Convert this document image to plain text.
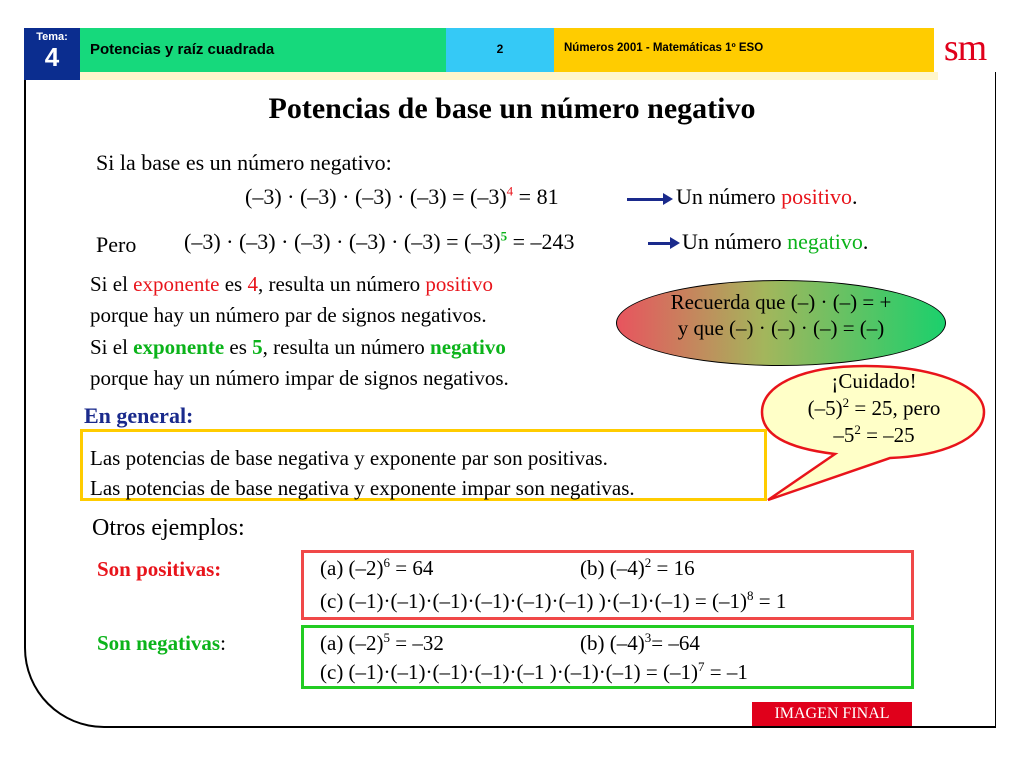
Tema:
4	Potencias y raíz cuadrada	2	Números 2001 - Matemáticas 1º ESO	sm
Potencias de base un número negativo
Si la base es un número negativo:
$(-3) \cdot (-3) \cdot (-3) \cdot (-3) = (-3)^4 = 81$	Un número positivo.
Pero $(-3) \cdot (-3) \cdot (-3) \cdot (-3) \cdot (-3) = (-3)^5 = -243$	Un número negativo.
Si el exponente es 4, resulta un número positivo
porque hay un número par de signos negativos.
Si el exponente es 5, resulta un número negativo
porque hay un número impar de signos negativos.
Recuerda que (–) · (–) = +
y que (–) · (–) · (–) = (–)
¡Cuidado!
$(-5)^2 = 25$, pero
$-5^2 = -25$
En general:
Las potencias de base negativa y exponente par son positivas.
Las potencias de base negativa y exponente impar son negativas.
Otros ejemplos:
Son positivas:	(a) $(-2)^6 = 64$	(b) $(-4)^2 = 16$
(c) (–1)·(–1)·(–1)·(–1)·(–1)·(–1) )$\cdot(-1)\cdot(-1) = (-1)^8 = 1$
Son negativas:	(a) $(-2)^5 = -32$	(b) $(-4)^3= -64$
(c) (–1)·(–1)·(–1)·(–1)·(–1 )$\cdot(-1)\cdot(-1) = (-1)^7 = -1$
IMAGEN FINAL
